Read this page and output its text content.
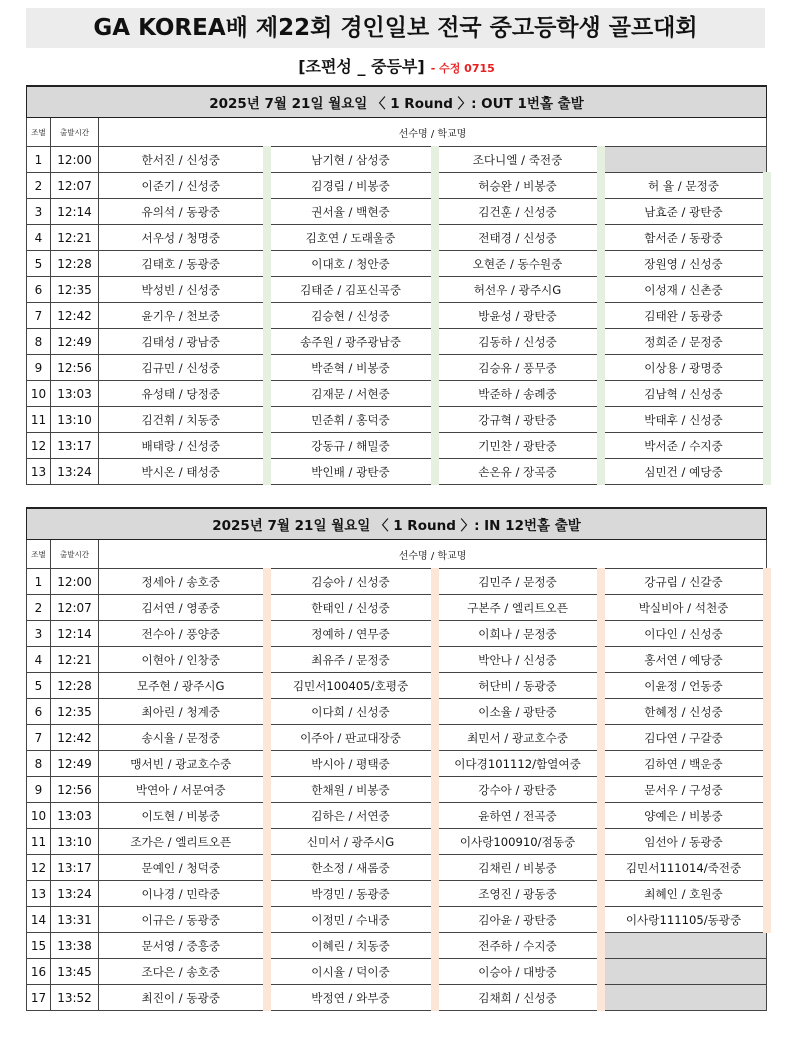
GA KOREA배 제22회 경인일보 전국 중고등학생 골프대회
[조편성 _ 중등부] - 수정 0715
2025년 7월 21일 월요일 〈 1 Round 〉: OUT 1번홀 출발					
조별	출발시간	선수명 / 학교명			
1	12:00	한서진 / 신성중	남기현 / 삼성중	조다니엘 / 죽전중	
2	12:07	이준기 / 신성중	김경림 / 비봉중	허승완 / 비봉중	허 율 / 문정중
3	12:14	유의석 / 동광중	권서율 / 백현중	김건훈 / 신성중	남효준 / 광탄중
4	12:21	서우성 / 청명중	김호연 / 도래울중	전태경 / 신성중	함서준 / 동광중
5	12:28	김태호 / 동광중	이대호 / 청안중	오현준 / 동수원중	장원영 / 신성중
6	12:35	박성빈 / 신성중	김태준 / 김포신곡중	허선우 / 광주시G	이성재 / 신촌중
7	12:42	윤기우 / 천보중	김승현 / 신성중	방윤성 / 광탄중	김태완 / 동광중
8	12:49	김태성 / 광남중	송주원 / 광주광남중	김동하 / 신성중	정희준 / 문정중
9	12:56	김규민 / 신성중	박준혁 / 비봉중	김승유 / 풍무중	이상용 / 광명중
10	13:03	유성태 / 당정중	김재문 / 서현중	박준하 / 송례중	김남혁 / 신성중
11	13:10	김건휘 / 치동중	민준휘 / 홍덕중	강규혁 / 광탄중	박태후 / 신성중
12	13:17	배태랑 / 신성중	강동규 / 해밀중	기민찬 / 광탄중	박서준 / 수지중
13	13:24	박시온 / 태성중	박인배 / 광탄중	손온유 / 장곡중	심민건 / 예당중
2025년 7월 21일 월요일 〈 1 Round 〉: IN 12번홀 출발					
조별	출발시간	선수명 / 학교명			
1	12:00	정세아 / 송호중	김승아 / 신성중	김민주 / 문정중	강규림 / 신갈중
2	12:07	김서연 / 영종중	한태인 / 신성중	구본주 / 엘리트오픈	박실비아 / 석천중
3	12:14	전수아 / 풍양중	정예하 / 연무중	이희나 / 문정중	이다인 / 신성중
4	12:21	이현아 / 인창중	최유주 / 문정중	박안나 / 신성중	홍서연 / 예당중
5	12:28	모주현 / 광주시G	김민서100405/호평중	허단비 / 동광중	이윤정 / 언동중
6	12:35	최아린 / 청계중	이다희 / 신성중	이소율 / 광탄중	한혜정 / 신성중
7	12:42	송시율 / 문정중	이주아 / 판교대장중	최민서 / 광교호수중	김다연 / 구갈중
8	12:49	맹서빈 / 광교호수중	박시아 / 평택중	이다경101112/함열여중	김하연 / 백운중
9	12:56	박연아 / 서문여중	한채원 / 비봉중	강수아 / 광탄중	문서우 / 구성중
10	13:03	이도현 / 비봉중	김하은 / 서연중	윤하연 / 전곡중	양예은 / 비봉중
11	13:10	조가은 / 엘리트오픈	신미서 / 광주시G	이사랑100910/점동중	임선아 / 동광중
12	13:17	문예인 / 청덕중	한소정 / 새롬중	김채린 / 비봉중	김민서111014/죽전중
13	13:24	이나경 / 민락중	박경민 / 동광중	조영진 / 광동중	최혜인 / 호원중
14	13:31	이규은 / 동광중	이정민 / 수내중	김아윤 / 광탄중	이사랑111105/동광중
15	13:38	문서영 / 중흥중	이혜린 / 치동중	전주하 / 수지중	
16	13:45	조다은 / 송호중	이시율 / 덕이중	이승아 / 대방중	
17	13:52	최진이 / 동광중	박정연 / 와부중	김채희 / 신성중	
